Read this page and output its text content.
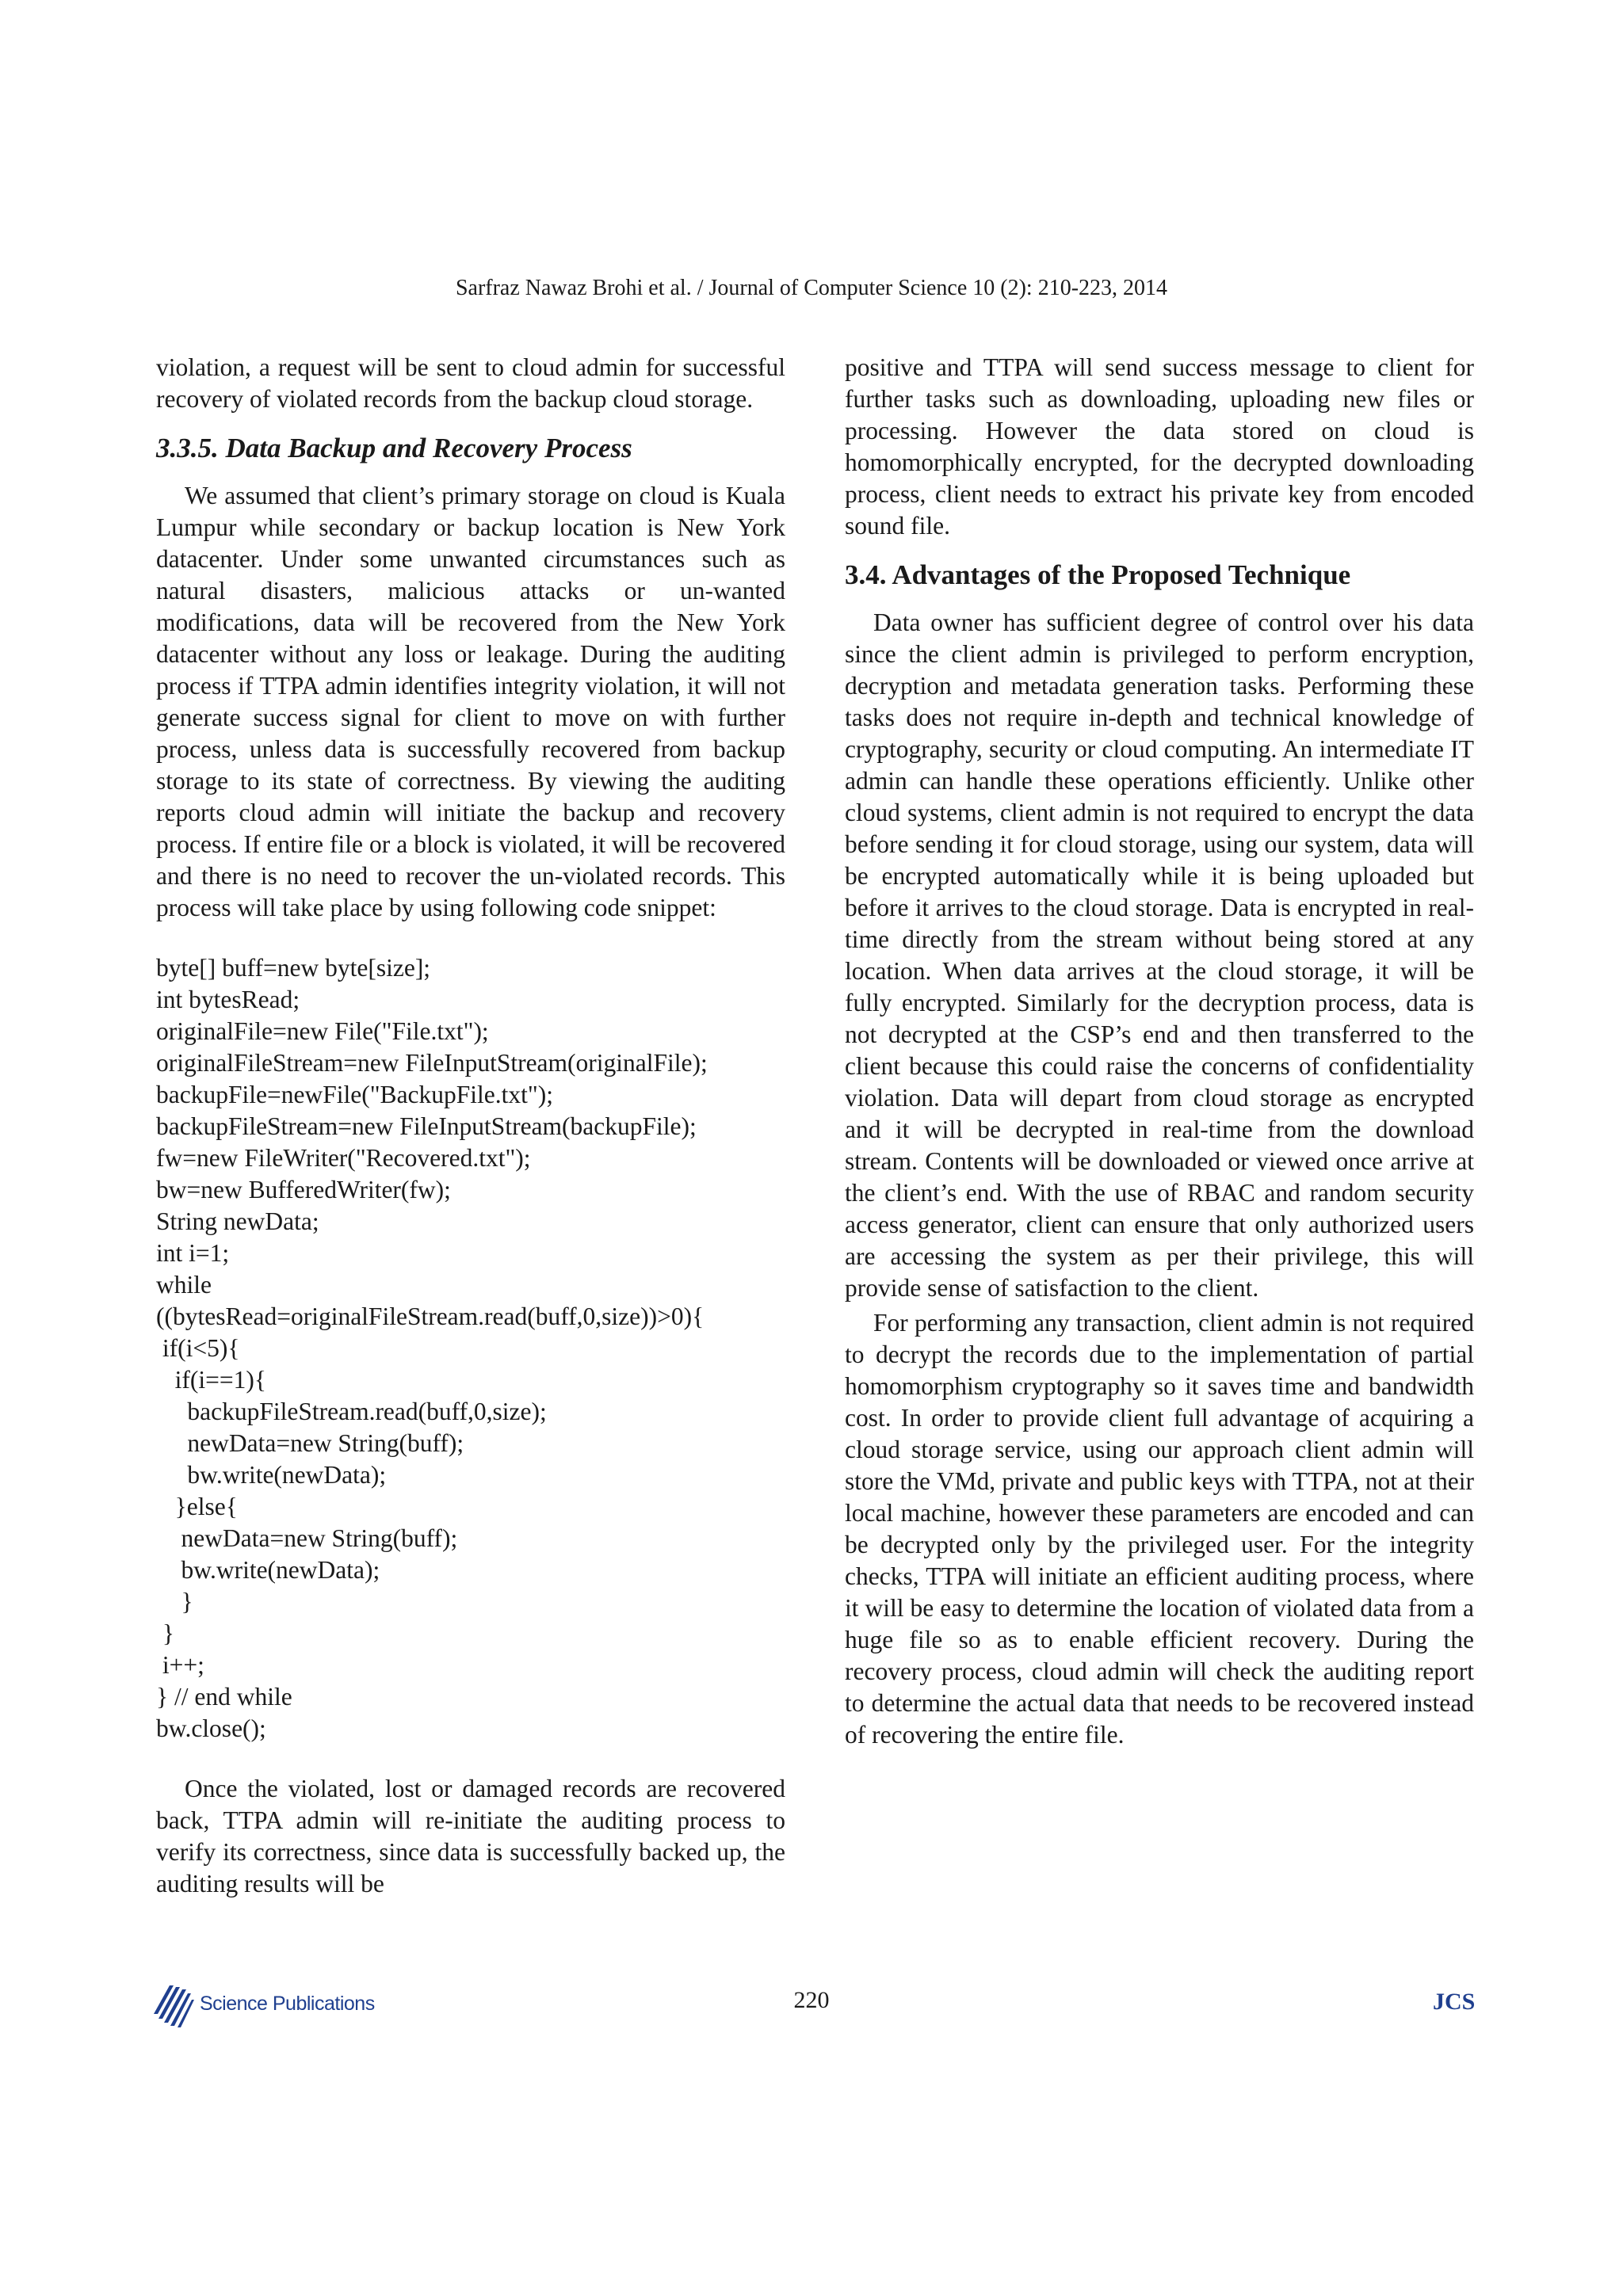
Sarfraz Nawaz Brohi et al. / Journal of Computer Science 10 (2): 210-223, 2014

violation, a request will be sent to cloud admin for successful recovery of violated records from the backup cloud storage.

3.3.5. Data Backup and Recovery Process

We assumed that client’s primary storage on cloud is Kuala Lumpur while secondary or backup location is New York datacenter. Under some unwanted circumstances such as natural disasters, malicious attacks or un-wanted modifications, data will be recovered from the New York datacenter without any loss or leakage. During the auditing process if TTPA admin identifies integrity violation, it will not generate success signal for client to move on with further process, unless data is successfully recovered from backup storage to its state of correctness. By viewing the auditing reports cloud admin will initiate the backup and recovery process. If entire file or a block is violated, it will be recovered and there is no need to recover the un-violated records. This process will take place by using following code snippet:

byte[] buff=new byte[size];
int bytesRead;
originalFile=new File("File.txt");
originalFileStream=new FileInputStream(originalFile);
backupFile=newFile("BackupFile.txt");
backupFileStream=new FileInputStream(backupFile);
fw=new FileWriter("Recovered.txt");
bw=new BufferedWriter(fw);
String newData;
int i=1;
while
((bytesRead=originalFileStream.read(buff,0,size))>0){
if(i<5){
if(i==1){
backupFileStream.read(buff,0,size);
newData=new String(buff);
bw.write(newData);
}else{
newData=new String(buff);
bw.write(newData);
}
}
i++;
} // end while
bw.close();

Once the violated, lost or damaged records are recovered back, TTPA admin will re-initiate the auditing process to verify its correctness, since data is successfully backed up, the auditing results will be

positive and TTPA will send success message to client for further tasks such as downloading, uploading new files or processing. However the data stored on cloud is homomorphically encrypted, for the decrypted downloading process, client needs to extract his private key from encoded sound file.

3.4. Advantages of the Proposed Technique

Data owner has sufficient degree of control over his data since the client admin is privileged to perform encryption, decryption and metadata generation tasks. Performing these tasks does not require in-depth and technical knowledge of cryptography, security or cloud computing. An intermediate IT admin can handle these operations efficiently. Unlike other cloud systems, client admin is not required to encrypt the data before sending it for cloud storage, using our system, data will be encrypted automatically while it is being uploaded but before it arrives to the cloud storage. Data is encrypted in real-time directly from the stream without being stored at any location. When data arrives at the cloud storage, it will be fully encrypted. Similarly for the decryption process, data is not decrypted at the CSP’s end and then transferred to the client because this could raise the concerns of confidentiality violation. Data will depart from cloud storage as encrypted and it will be decrypted in real-time from the download stream. Contents will be downloaded or viewed once arrive at the client’s end. With the use of RBAC and random security access generator, client can ensure that only authorized users are accessing the system as per their privilege, this will provide sense of satisfaction to the client.

For performing any transaction, client admin is not required to decrypt the records due to the implementation of partial homomorphism cryptography so it saves time and bandwidth cost. In order to provide client full advantage of acquiring a cloud storage service, using our approach client admin will store the VMd, private and public keys with TTPA, not at their local machine, however these parameters are encoded and can be decrypted only by the privileged user. For the integrity checks, TTPA will initiate an efficient auditing process, where it will be easy to determine the location of violated data from a huge file so as to enable efficient recovery. During the recovery process, cloud admin will check the auditing report to determine the actual data that needs to be recovered instead of recovering the entire file.

Science Publications	220	JCS
